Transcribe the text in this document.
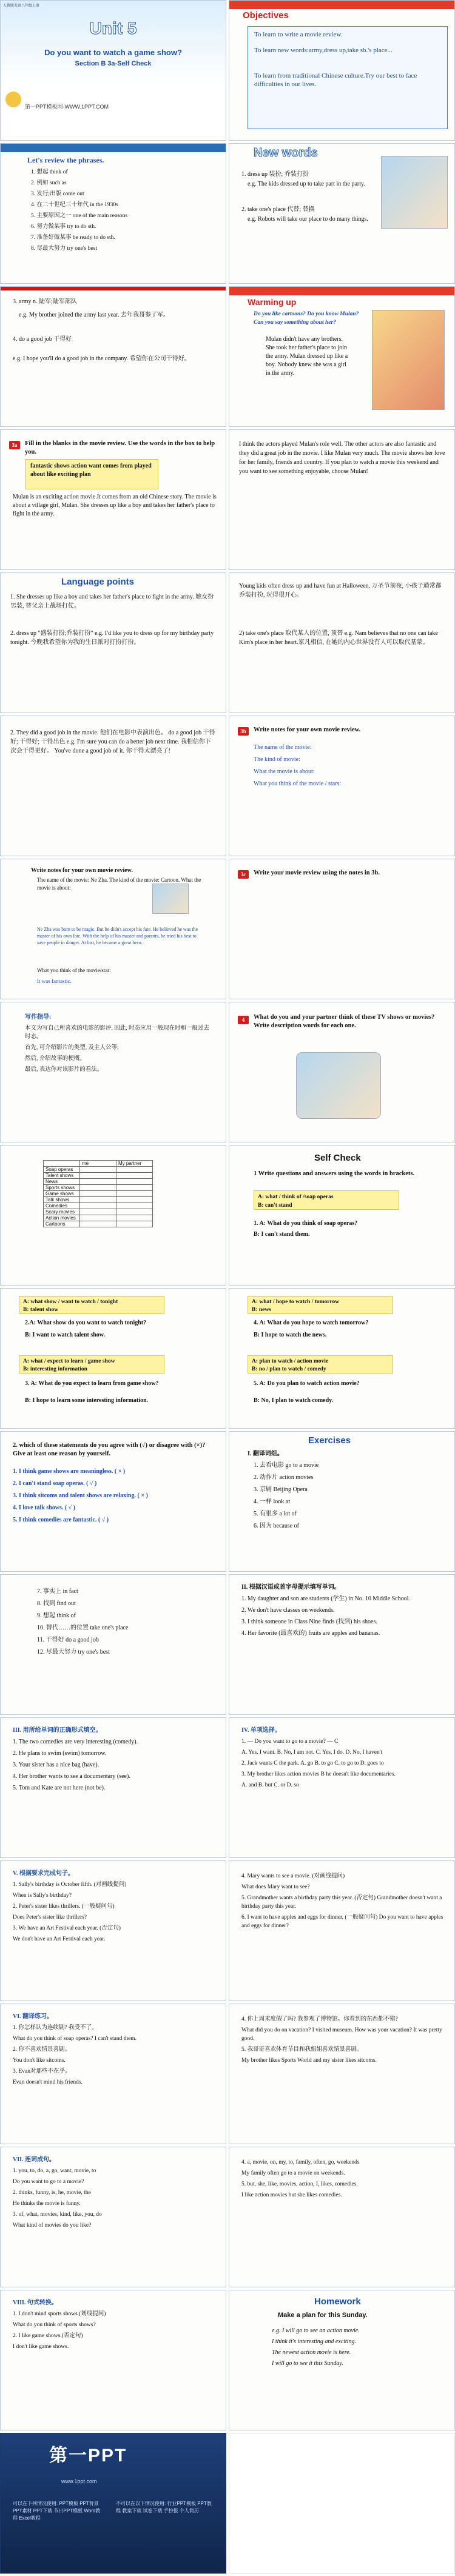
人教版英语八年级上册
Unit 5
Do you want to watch a game show?
Section B 3a-Self Check
第一PPT模板网-WWW.1PPT.COM
Objectives
To learn to write a movie review.
To learn new words:army,dress up,take sb.'s place...
To learn from traditional Chinese culture.Try our best to face difficulties in our lives.
Let's review the phrases.
1. 想起 think of
2. 例如 such as
3. 发行;出版 come out
4. 在二十世纪三十年代 in the 1930s
5. 主要原因之一 one of the main reasons
6. 努力做某事 try to do sth.
7. 准备好做某事 be ready to do sth.
8. 尽最大努力 try one's best
New words
1. dress up 装扮; 乔装打扮
e.g. The kids dressed up to take part in the party.
2. take one's place 代替; 替换
e.g. Robots will take our place to do many things.
3. army n. 陆军;陆军部队
e.g. My brother joined the army last year. 去年我哥参了军。
4. do a good job 干得好
e.g. I hope you'll do a good job in the company. 希望你在公司干得好。
Warming up
Do you like cartoons? Do you know Mulan? Can you say something about her?
Mulan didn't have any brothers. She took her father's place to join the army. Mulan dressed up like a boy. Nobody knew she was a girl in the army.
3a	Fill in the blanks in the movie review. Use the words in the box to help you.
fantastic shows action want comes from played about like exciting plan
Mulan is an exciting action movie.It comes from an old Chinese story. The movie is about a village girl, Mulan. She dresses up like a boy and takes her father's place to fight in the army.
I think the actors played Mulan's role well. The other actors are also fantastic and they did a great job in the movie. I like Mulan very much. The movie shows her love for her family, friends and country. If you plan to watch a movie this weekend and you want to see something enjoyable, choose Mulan!
Language points
1. She dresses up like a boy and takes her father's place to fight in the army. 她女扮男装, 替父亲上战场打仗。
2. dress up "盛装打扮;乔装打扮" e.g. I'd like you to dress up for my birthday party tonight. 今晚我希望你为我的生日派对打扮打扮。
Young kids often dress up and have fun at Halloween. 万圣节前夜, 小孩子通常都乔装打扮, 玩得很开心。
2) take one's place 取代某人的位置, 顶替 e.g. Nam believes that no one can take Kim's place in her heart.家凡相信, 在她的内心世界没有人可以取代基蒙。
2. They did a good job in the movie. 他们在电影中表演出色。 do a good job 干得好; 干得好; 干得出色 e.g. I'm sure you can do a better job next time. 我相信你下次会干得更好。 You've done a good job of it. 你干得太漂亮了!
3b	Write notes for your own movie review.
The name of the movie:
The kind of movie:
What the movie is about:
What you think of the movie / stars:
Write notes for your own movie review.
The name of the movie: Ne Zha. The kind of the movie: Cartoon. What the movie is about:
Ne Zha was born to be magic. But he didn't accept his fate. He believed he was the master of his own fate. With the help of his master and parents, he tried his best to save people in danger. At last, he became a great hero.
What you think of the movie/star:
It was fantastic.
3c	Write your movie review using the notes in 3b.
写作指导:
本文为写自己所喜欢的电影的影评, 因此, 时态应用一般现在时和一般过去时态。
首先, 可介绍影片的类型, 及主人公等;
然后, 介绍故事的梗概。
最后, 表达你对该影片的看法。
4	What do you and your partner think of these TV shows or movies? Write description words for each one.
	me	My partner
Soap operas		
Talent shows		
News		
Sports shows		
Game shows		
Talk shows		
Comedies		
Scary movies		
Action movies		
Cartoons		
Self Check
1 Write questions and answers using the words in brackets.
A: what / think of /soap operas
B: can't stand
1. A: What do you think of soap operas?
B: I can't stand them.
A: what show / want to watch / tonight
B: talent show
2.A: What show do you want to watch tonight?
B: I want to watch talent show.
A: what / expect to learn / game show
B: interesting information
3. A: What do you expect to learn from game show?
B: I hope to learn some interesting information.
A: what / hope to watch / tomorrow
B: news
4. A: What do you hope to watch tomorrow?
B: I hope to watch the news.
A: plan to watch / action movie
B: no / plan to watch / comedy
5. A: Do you plan to watch action movie?
B: No, I plan to watch comedy.
2. which of these statements do you agree with (√) or disagree with (×)? Give at least one reason by yourself.
1. I think game shows are meaningless. ( × )
2. I can't stand soap operas. ( √ )
3. I think sitcoms and talent shows are relaxing. ( × )
4. I love talk shows. ( √ )
5. I think comedies are fantastic. ( √ )
Exercises
I. 翻译词组。
1. 去看电影 go to a movie
2. 动作片 action movies
3. 京剧 Beijing Opera
4. 一样 look at
5. 有很多 a lot of
6. 因为 because of
7. 事实上 in fact
8. 找到 find out
9. 想起 think of
10. 替代……的位置 take one's place
11. 干得好 do a good job
12. 尽最大努力 try one's best
II. 根据汉语或首字母提示填写单词。
1. My daughter and son are students (学生) in No. 10 Middle School.
2. We don't have classes on weekends.
3. I think someone in Class Nine finds (找到) his shoes.
4. Her favorite (最喜欢的) fruits are apples and bananas.
III. 用所给单词的正确形式填空。
1. The two comedies are very interesting (comedy).
2. He plans to swim (swim) tomorrow.
3. Your sister has a nice bag (have).
4. Her brother wants to see a documentary (see).
5. Tom and Kate are not here (not be).
IV. 单项选择。
1. — Do you want to go to a movie? — C
A. Yes, I want. B. No, I am not. C. Yes, I do. D. No, I haven't
2. Jack wants C the park. A. go B. to go C. to go to D. goes to
3. My brother likes action movies B he doesn't like documentaries.
A. and B. but C. or D. so
V. 根据要求完成句子。
1. Sally's birthday is October fifth. (对画线提问)
When is Sally's birthday?
2. Peter's sister likes thrillers. (一般疑问句)
Does Peter's sister like thrillers?
3. We have an Art Festival each year. (否定句)
We don't have an Art Festival each year.
4. Mary wants to see a movie. (对画线提问)
What does Mary want to see?
5. Grandmother wants a birthday party this year. (否定句) Grandmother doesn't want a birthday party this year.
6. I want to have apples and eggs for dinner. (一般疑问句) Do you want to have apples and eggs for dinner?
VI. 翻译练习。
1. 你怎样认为连续剧? 我受不了。
What do you think of soap operas? I can't stand them.
2. 你不喜欢情景喜剧。
You don't like sitcoms.
3. Evan对那些不在乎。
Evan doesn't mind his friends.
4. 你上周末度假了吗? 我参观了博物馆。你看到的东西都不错?
What did you do on vacation? I visited museum. How was your vacation? It was pretty good.
5. 我哥哥喜欢体育节目和我姐姐喜欢情景喜剧。
My brother likes Sports World and my sister likes sitcoms.
VII. 连词成句。
1. you, to, do, a, go, want, movie, to
Do you want to go to a movie?
2. thinks, funny, is, he, movie, the
He thinks the movie is funny.
3. of, what, movies, kind, like, you, do
What kind of movies do you like?
4. a, movie, on, my, to, family, often, go, weekends
My family often go to a movie on weekends.
5. but, she, like, movies, action, I, likes, comedies.
I like action movies but she likes comedies.
VIII. 句式转换。
1. I don't mind sports shows.(划线提问)
What do you think of sports shows?
2. I like game shows.(否定句)
I don't like game shows.
Homework
Make a plan for this Sunday.
e.g. I will go to see an action movie.
I think it's interesting and exciting.
The newest action movie is here.
I will go to see it this Sunday.
第一PPT
www.1ppt.com
可以在下列情况使用: PPT模板 PPT背景 PPT素材 PPT下载 节日PPT模板 Word教程 Excel教程
不可以在以下情况使用: 行业PPT模板 PPT教程 教案下载 试卷下载 手抄报 个人简历
